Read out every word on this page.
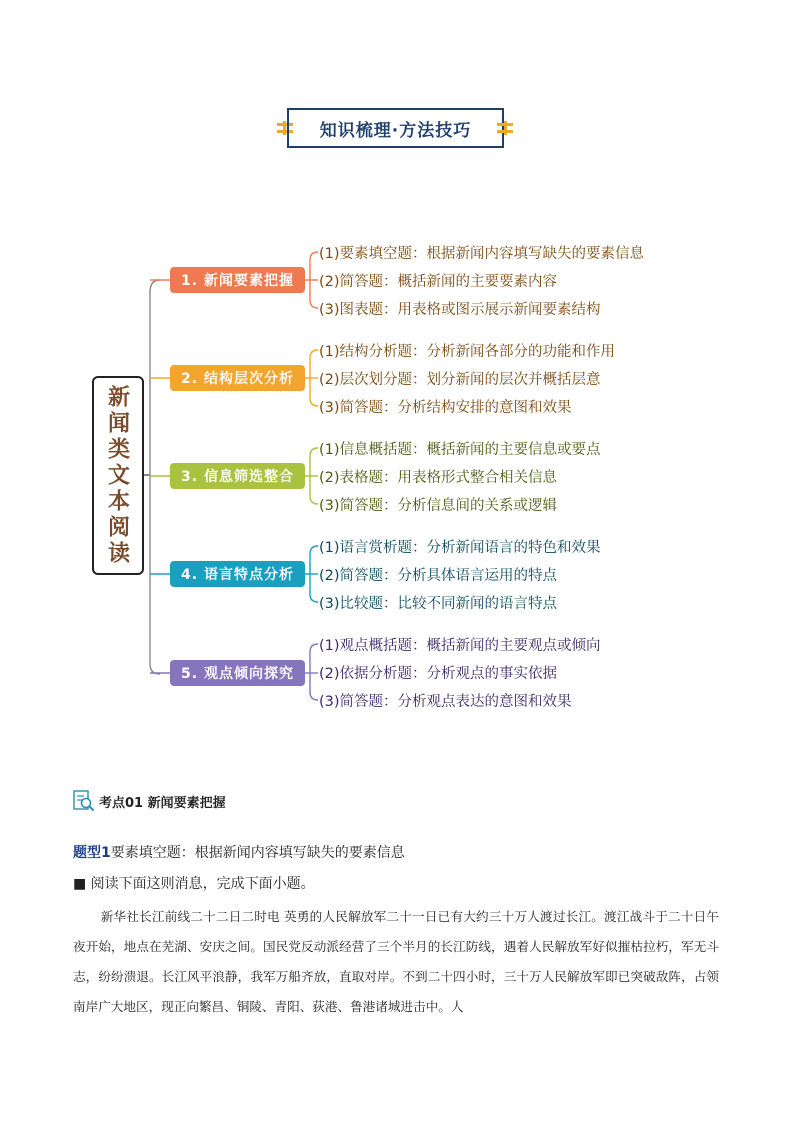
知识梳理·方法技巧
新闻类文本阅读
1. 新闻要素把握
2. 结构层次分析
3. 信息筛选整合
4. 语言特点分析
5. 观点倾向探究
(1)要素填空题：根据新闻内容填写缺失的要素信息
(2)简答题：概括新闻的主要要素内容
(3)图表题：用表格或图示展示新闻要素结构
(1)结构分析题：分析新闻各部分的功能和作用
(2)层次划分题：划分新闻的层次并概括层意
(3)简答题：分析结构安排的意图和效果
(1)信息概括题：概括新闻的主要信息或要点
(2)表格题：用表格形式整合相关信息
(3)简答题：分析信息间的关系或逻辑
(1)语言赏析题：分析新闻语言的特色和效果
(2)简答题：分析具体语言运用的特点
(3)比较题：比较不同新闻的语言特点
(1)观点概括题：概括新闻的主要观点或倾向
(2)依据分析题：分析观点的事实依据
(3)简答题：分析观点表达的意图和效果
考点01 新闻要素把握
题型1要素填空题：根据新闻内容填写缺失的要素信息
■ 阅读下面这则消息，完成下面小题。
新华社长江前线二十二日二时电 英勇的人民解放军二十一日已有大约三十万人渡过长江。渡江战斗于二十日午夜开始，地点在芜湖、安庆之间。国民党反动派经营了三个半月的长江防线，遇着人民解放军好似摧枯拉朽，军无斗志，纷纷溃退。长江风平浪静，我军万船齐放，直取对岸。不到二十四小时，三十万人民解放军即已突破敌阵，占领南岸广大地区，现正向繁昌、铜陵、青阳、荻港、鲁港诸城进击中。人
